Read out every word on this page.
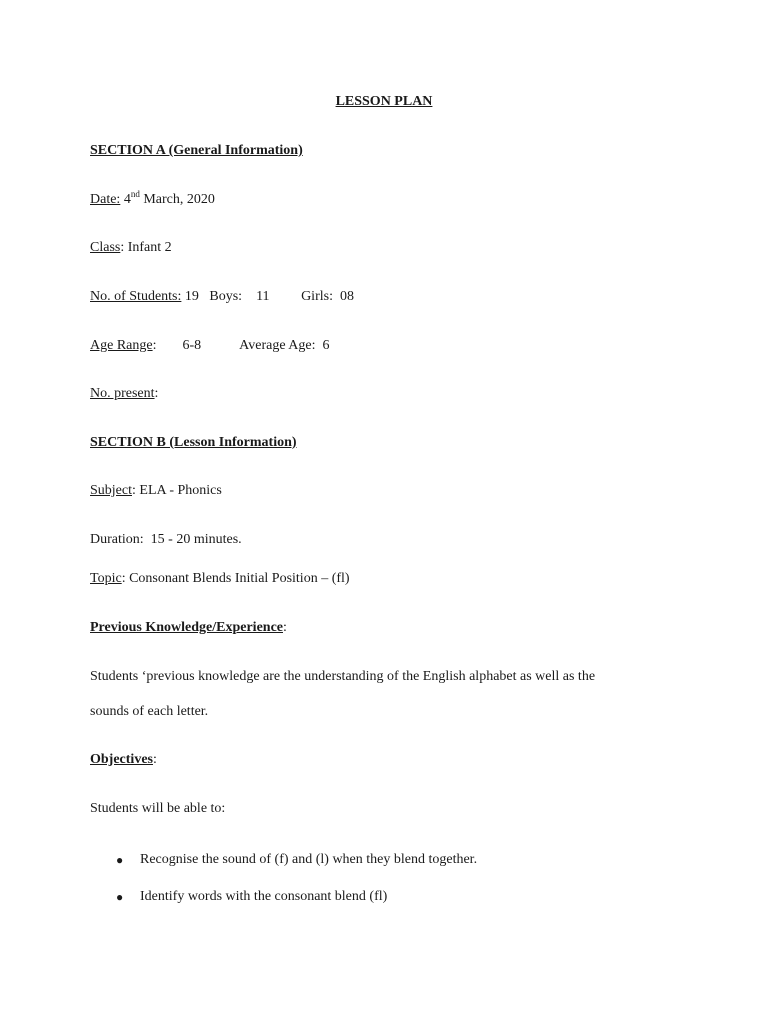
LESSON PLAN
SECTION A (General Information)
Date: 4nd March, 2020
Class: Infant 2
No. of Students: 19 Boys: 11 Girls: 08
Age Range: 6-8	Average Age: 6
No. present:
SECTION B (Lesson Information)
Subject: ELA - Phonics
Duration:  15 - 20 minutes.
Topic: Consonant Blends Initial Position – (fl)
Previous Knowledge/Experience:
Students ‘previous knowledge are the understanding of the English alphabet as well as the
sounds of each letter.
Objectives:
Students will be able to:
● Recognise the sound of (f) and (l) when they blend together.
● Identify words with the consonant blend (fl)
